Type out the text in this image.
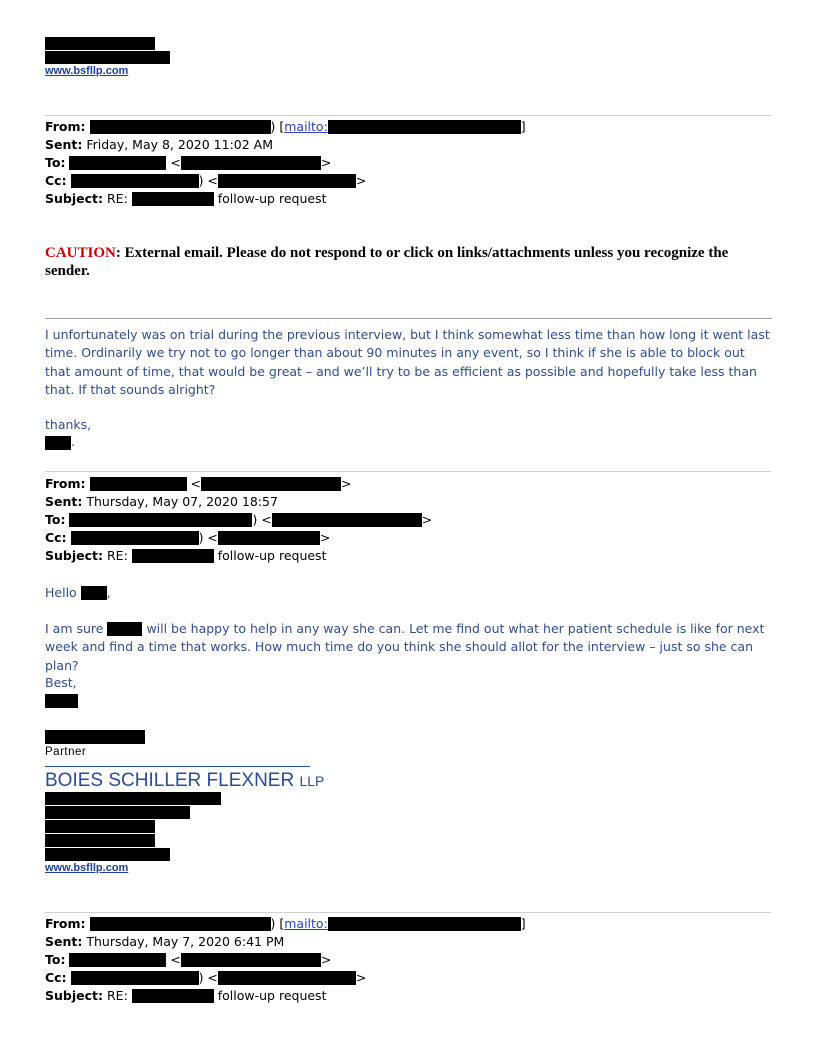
www.bsfllp.com
From:	) [mailto:	]
Sent: Friday, May 8, 2020 11:02 AM
To:	<	>
Cc:	) <	>
Subject: RE:	follow-up request
CAUTION: External email. Please do not respond to or click on links/attachments unless you recognize the sender.
I unfortunately was on trial during the previous interview, but I think somewhat less time than how long it went last time. Ordinarily we try not to go longer than about 90 minutes in any event, so I think if she is able to block out that amount of time, that would be great – and we’ll try to be as efficient as possible and hopefully take less than that. If that sounds alright?
thanks,
.
From:	<	>
Sent: Thursday, May 07, 2020 18:57
To:	) <	>
Cc:	) <	>
Subject: RE:	follow-up request
Hello ,
I am sure	will be happy to help in any way she can. Let me find out what her patient schedule is like for next week and find a time that works. How much time do you think she should allot for the interview – just so she can plan?
Best,
Partner
BOIES SCHILLER FLEXNER LLP
www.bsfllp.com
From:	) [mailto:	]
Sent: Thursday, May 7, 2020 6:41 PM
To:	<	>
Cc:	) <	>
Subject: RE:	follow-up request
